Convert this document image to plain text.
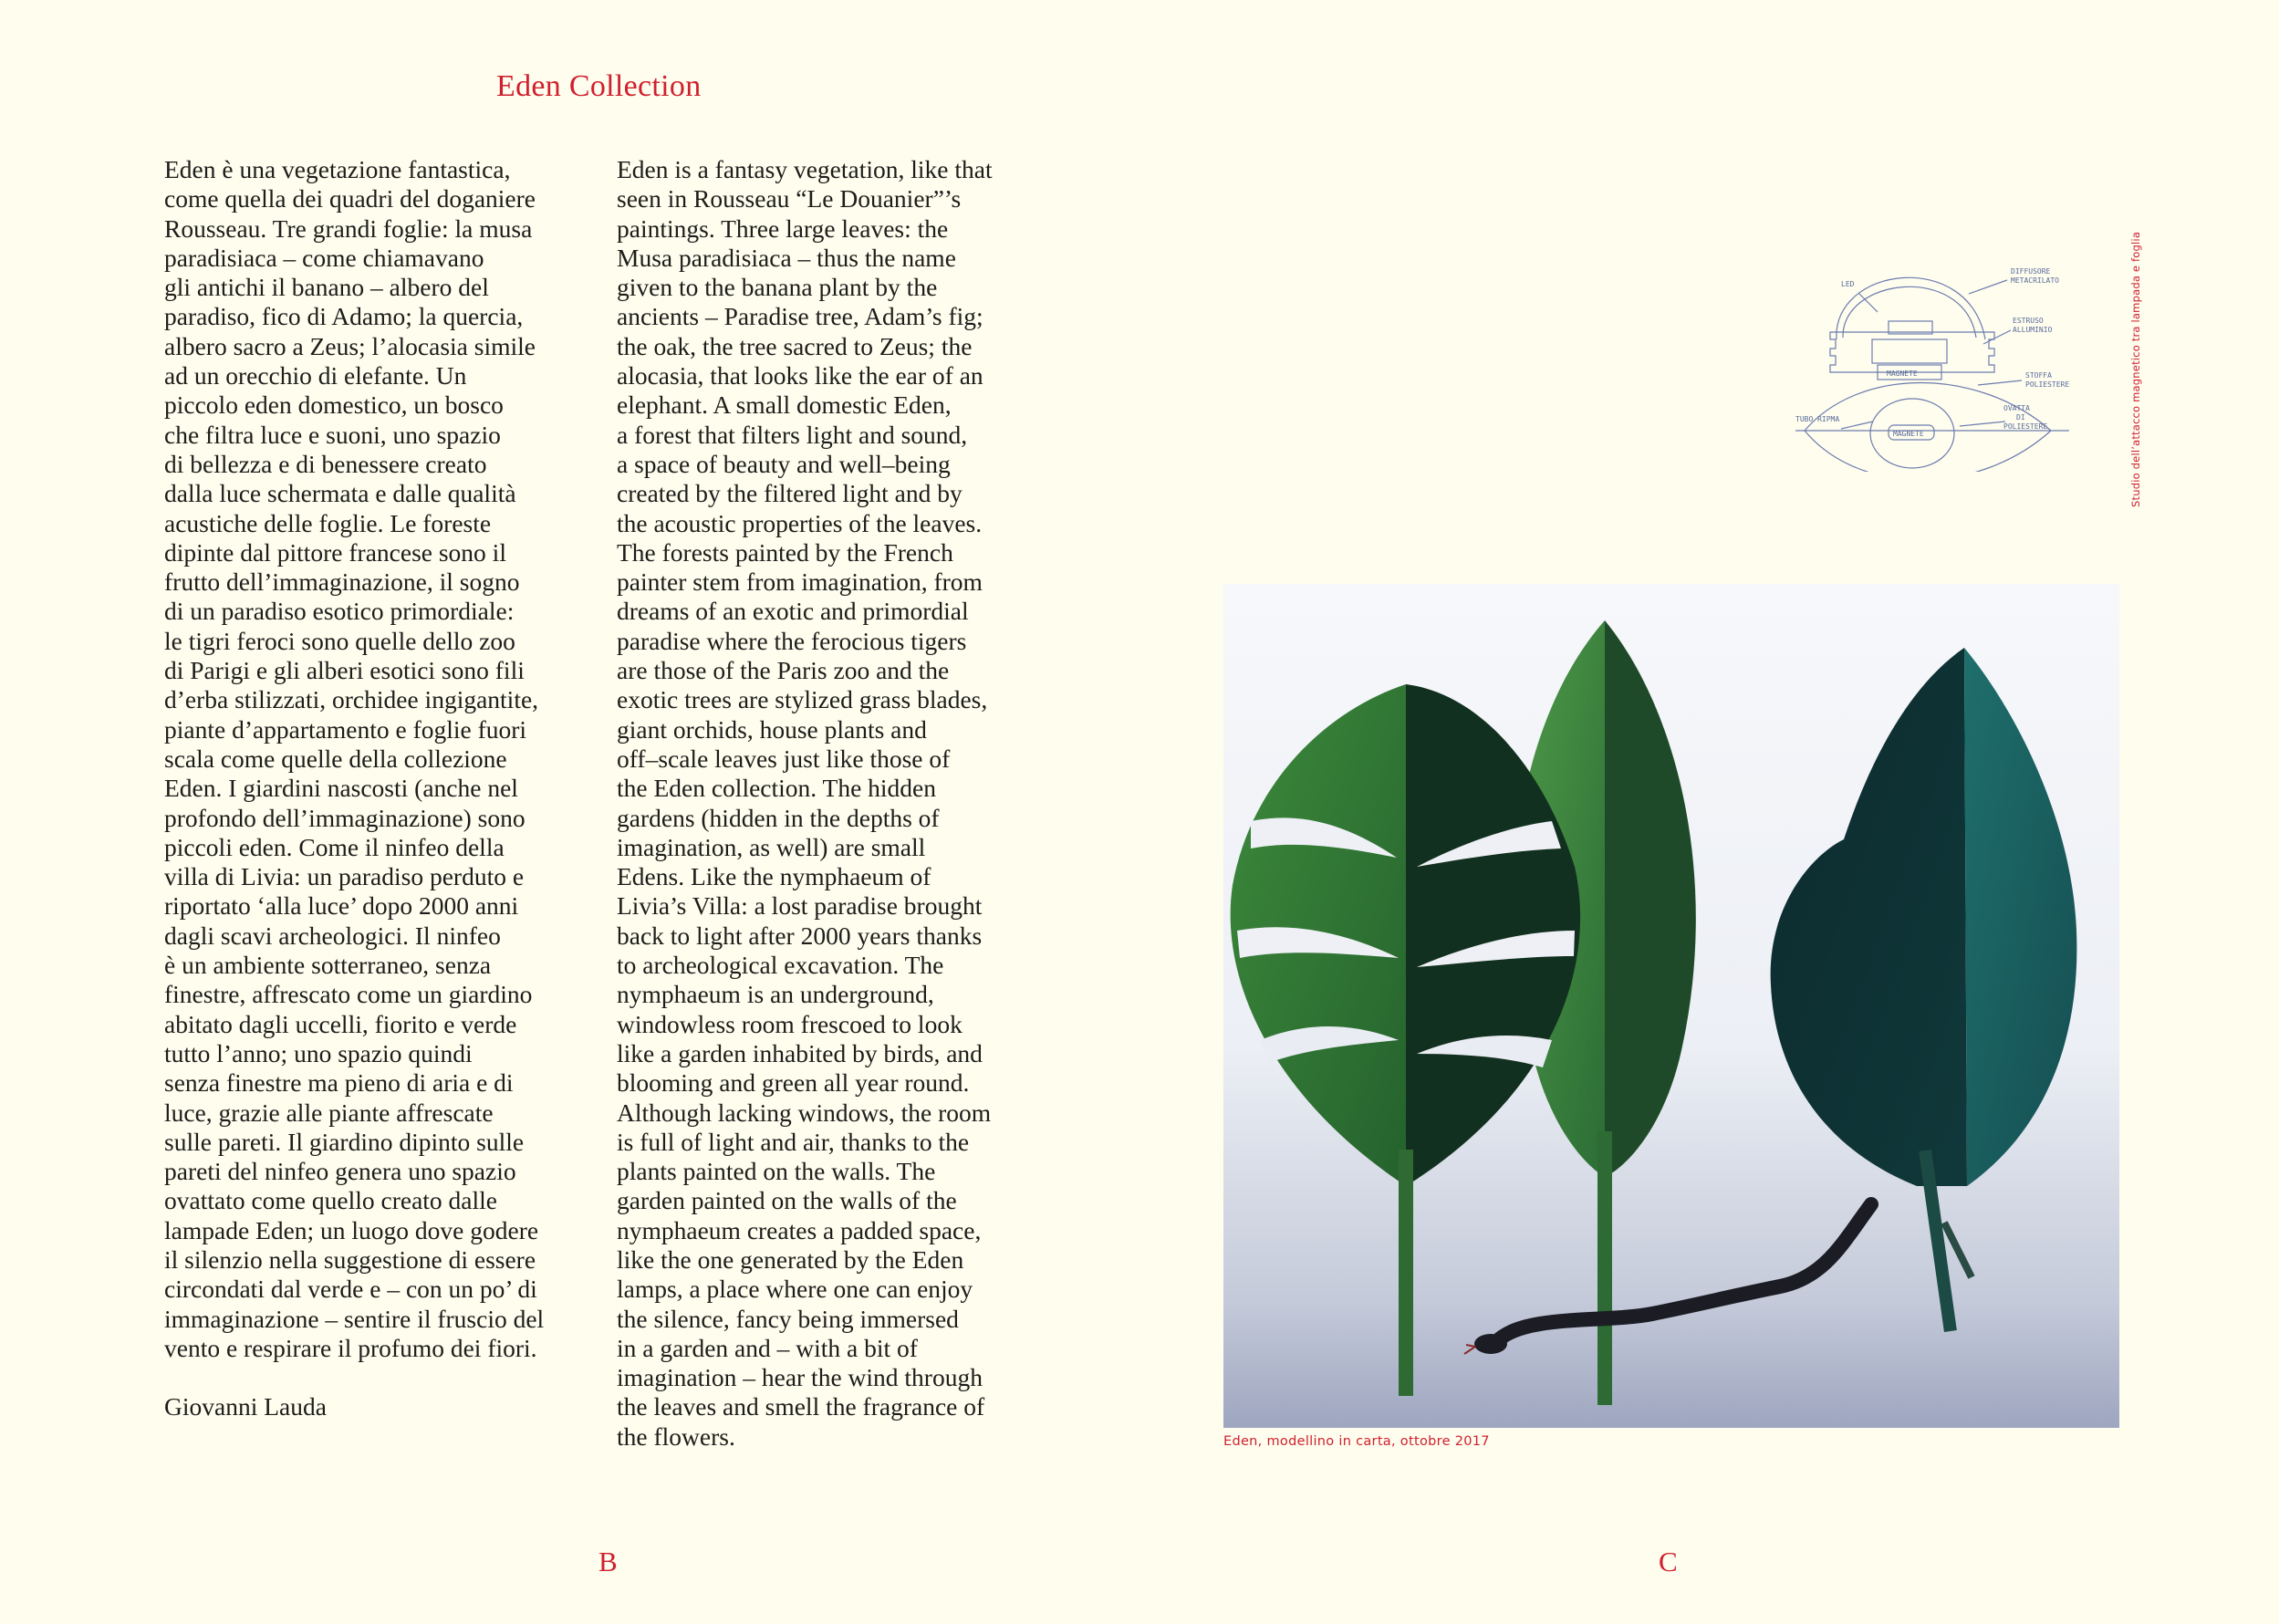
Eden Collection

Eden è una vegetazione fantastica,

come quella dei quadri del doganiere

Rousseau. Tre grandi foglie: la musa

paradisiaca – come chiamavano

gli antichi il banano – albero del

paradiso, fico di Adamo; la quercia,

albero sacro a Zeus; l’alocasia simile

ad un orecchio di elefante. Un

piccolo eden domestico, un bosco

che filtra luce e suoni, uno spazio

di bellezza e di benessere creato

dalla luce schermata e dalle qualità

acustiche delle foglie. Le foreste

dipinte dal pittore francese sono il

frutto dell’immaginazione, il sogno

di un paradiso esotico primordiale:

le tigri feroci sono quelle dello zoo

di Parigi e gli alberi esotici sono fili

d’erba stilizzati, orchidee ingigantite,

piante d’appartamento e foglie fuori

scala come quelle della collezione

Eden. I giardini nascosti (anche nel

profondo dell’immaginazione) sono

piccoli eden. Come il ninfeo della

villa di Livia: un paradiso perduto e

riportato ‘alla luce’ dopo 2000 anni

dagli scavi archeologici. Il ninfeo

è un ambiente sotterraneo, senza

finestre, affrescato come un giardino

abitato dagli uccelli, fiorito e verde

tutto l’anno; uno spazio quindi

senza finestre ma pieno di aria e di

luce, grazie alle piante affrescate

sulle pareti. Il giardino dipinto sulle

pareti del ninfeo genera uno spazio

ovattato come quello creato dalle

lampade Eden; un luogo dove godere

il silenzio nella suggestione di essere

circondati dal verde e – con un po’ di

immaginazione – sentire il fruscio del

vento e respirare il profumo dei fiori.

Giovanni Lauda

Eden is a fantasy vegetation, like that

seen in Rousseau “Le Douanier”’s

paintings. Three large leaves: the

Musa paradisiaca – thus the name

given to the banana plant by the

ancients – Paradise tree, Adam’s fig;

the oak, the tree sacred to Zeus; the

alocasia, that looks like the ear of an

elephant. A small domestic Eden,

a forest that filters light and sound,

a space of beauty and well–being

created by the filtered light and by

the acoustic properties of the leaves.

The forests painted by the French

painter stem from imagination, from

dreams of an exotic and primordial

paradise where the ferocious tigers

are those of the Paris zoo and the

exotic trees are stylized grass blades,

giant orchids, house plants and

off–scale leaves just like those of

the Eden collection. The hidden

gardens (hidden in the depths of

imagination, as well) are small

Edens. Like the nymphaeum of

Livia’s Villa: a lost paradise brought

back to light after 2000 years thanks

to archeological excavation. The

nymphaeum is an underground,

windowless room frescoed to look

like a garden inhabited by birds, and

blooming and green all year round.

Although lacking windows, the room

is full of light and air, thanks to the

plants painted on the walls. The

garden painted on the walls of the

nymphaeum creates a padded space,

like the one generated by the Eden

lamps, a place where one can enjoy

the silence, fancy being immersed

in a garden and – with a bit of

imagination – hear the wind through

the leaves and smell the fragrance of

the flowers.

B	C
DIFFUSORE
METACRILATO
LED
ESTRUSO
ALLUMINIO
MAGNETE	STOFFA
POLIESTERE
OVATTA
DI
POLIESTERE
TUBO RIPMA
MAGNETE	Studio dell’attacco magnetico tra lampada e foglia
Eden, modellino in carta, ottobre 2017
